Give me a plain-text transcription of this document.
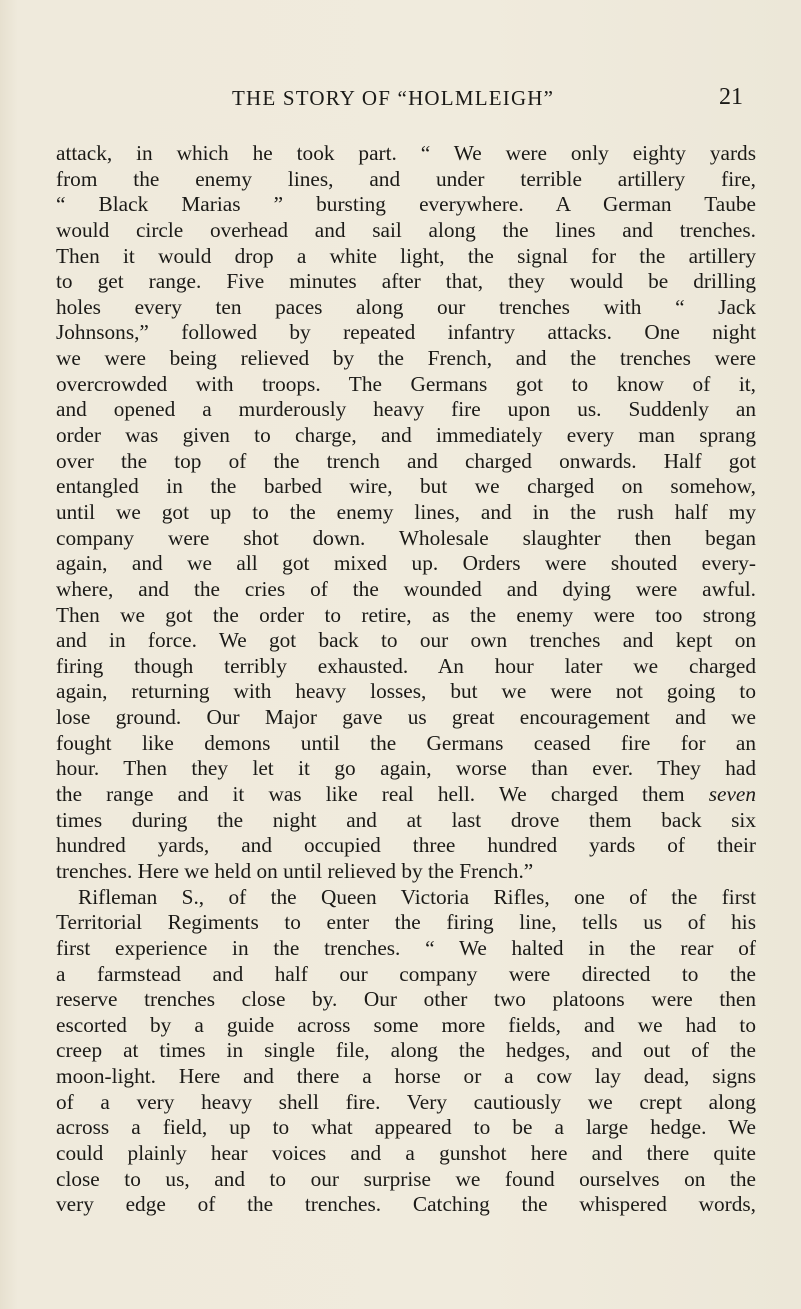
THE STORY OF “HOLMLEIGH”	21
attack, in which he took part. “ We were only eighty yards
from the enemy lines, and under terrible artillery fire,
“ Black Marias ” bursting everywhere. A German Taube
would circle overhead and sail along the lines and trenches.
Then it would drop a white light, the signal for the artillery
to get range. Five minutes after that, they would be drilling
holes every ten paces along our trenches with “ Jack
Johnsons,” followed by repeated infantry attacks. One night
we were being relieved by the French, and the trenches were
overcrowded with troops. The Germans got to know of it,
and opened a murderously heavy fire upon us. Suddenly an
order was given to charge, and immediately every man sprang
over the top of the trench and charged onwards. Half got
entangled in the barbed wire, but we charged on somehow,
until we got up to the enemy lines, and in the rush half my
company were shot down. Wholesale slaughter then began
again, and we all got mixed up. Orders were shouted every-
where, and the cries of the wounded and dying were awful.
Then we got the order to retire, as the enemy were too strong
and in force. We got back to our own trenches and kept on
firing though terribly exhausted. An hour later we charged
again, returning with heavy losses, but we were not going to
lose ground. Our Major gave us great encouragement and we
fought like demons until the Germans ceased fire for an
hour. Then they let it go again, worse than ever. They had
the range and it was like real hell. We charged them seven
times during the night and at last drove them back six
hundred yards, and occupied three hundred yards of their
trenches. Here we held on until relieved by the French.”
Rifleman S., of the Queen Victoria Rifles, one of the first
Territorial Regiments to enter the firing line, tells us of his
first experience in the trenches. “ We halted in the rear of
a farmstead and half our company were directed to the
reserve trenches close by. Our other two platoons were then
escorted by a guide across some more fields, and we had to
creep at times in single file, along the hedges, and out of the
moon-light. Here and there a horse or a cow lay dead, signs
of a very heavy shell fire. Very cautiously we crept along
across a field, up to what appeared to be a large hedge. We
could plainly hear voices and a gunshot here and there quite
close to us, and to our surprise we found ourselves on the
very edge of the trenches. Catching the whispered words,
